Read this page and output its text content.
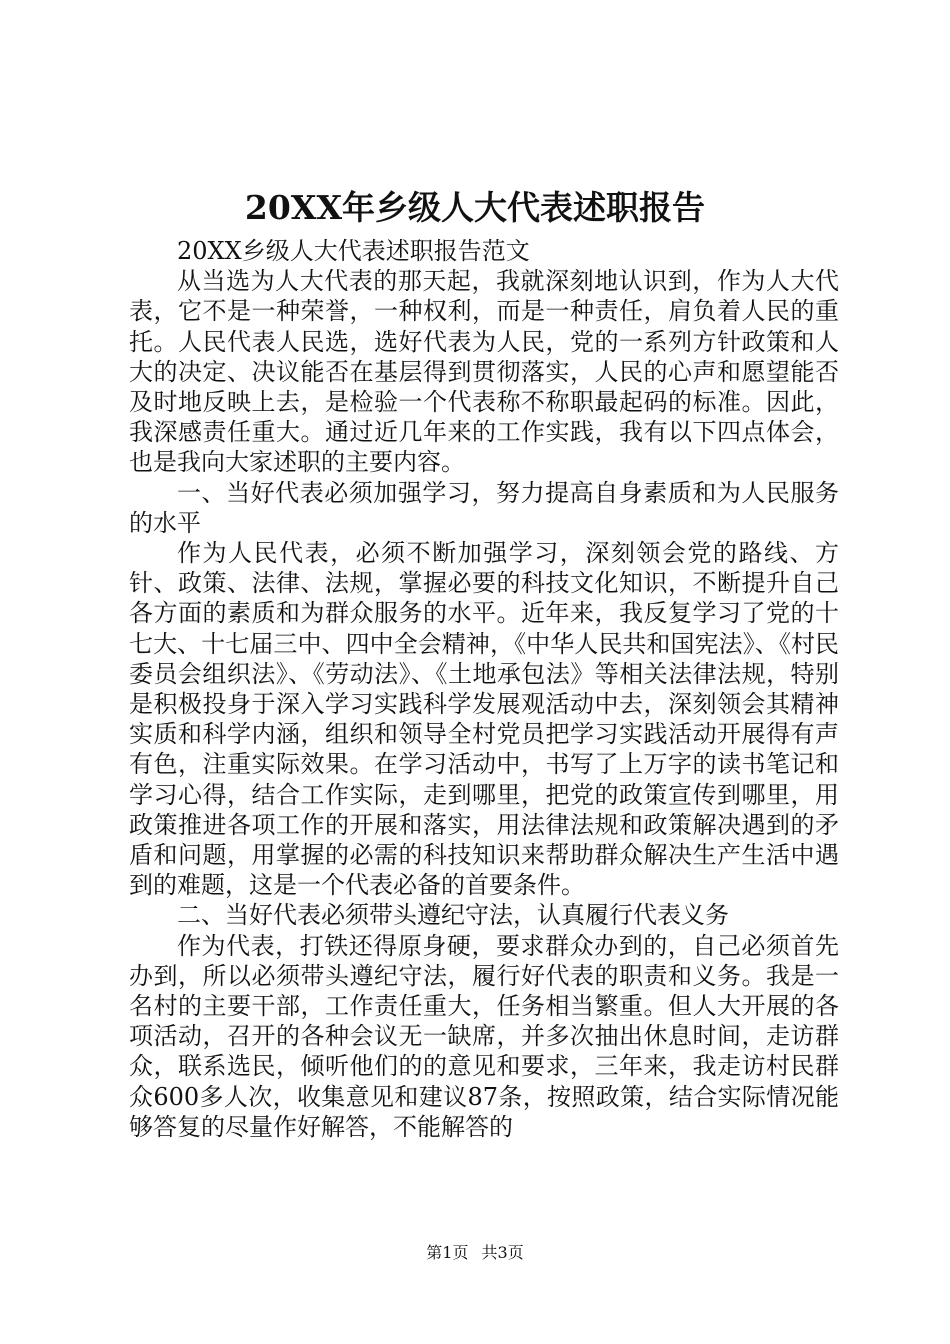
20XX年乡级人大代表述职报告

20XX乡级人大代表述职报告范文

从当选为人大代表的那天起，我就深刻地认识到，作为人大代表，它不是一种荣誉，一种权利，而是一种责任，肩负着人民的重托。人民代表人民选，选好代表为人民，党的一系列方针政策和人大的决定、决议能否在基层得到贯彻落实，人民的心声和愿望能否及时地反映上去，是检验一个代表称不称职最起码的标准。因此，我深感责任重大。通过近几年来的工作实践，我有以下四点体会，也是我向大家述职的主要内容。

一、当好代表必须加强学习，努力提高自身素质和为人民服务的水平

作为人民代表，必须不断加强学习，深刻领会党的路线、方针、政策、法律、法规，掌握必要的科技文化知识，不断提升自己各方面的素质和为群众服务的水平。近年来，我反复学习了党的十七大、十七届三中、四中全会精神，《中华人民共和国宪法》、《村民委员会组织法》、《劳动法》、《土地承包法》等相关法律法规，特别是积极投身于深入学习实践科学发展观活动中去，深刻领会其精神实质和科学内涵，组织和领导全村党员把学习实践活动开展得有声有色，注重实际效果。在学习活动中，书写了上万字的读书笔记和学习心得，结合工作实际，走到哪里，把党的政策宣传到哪里，用政策推进各项工作的开展和落实，用法律法规和政策解决遇到的矛盾和问题，用掌握的必需的科技知识来帮助群众解决生产生活中遇到的难题，这是一个代表必备的首要条件。

二、当好代表必须带头遵纪守法，认真履行代表义务

作为代表，打铁还得原身硬，要求群众办到的，自己必须首先办到，所以必须带头遵纪守法，履行好代表的职责和义务。我是一名村的主要干部，工作责任重大，任务相当繁重。但人大开展的各项活动，召开的各种会议无一缺席，并多次抽出休息时间，走访群众，联系选民，倾听他们的的意见和要求，三年来，我走访村民群众600多人次，收集意见和建议87条，按照政策，结合实际情况能够答复的尽量作好解答，不能解答的

第1页 共3页
